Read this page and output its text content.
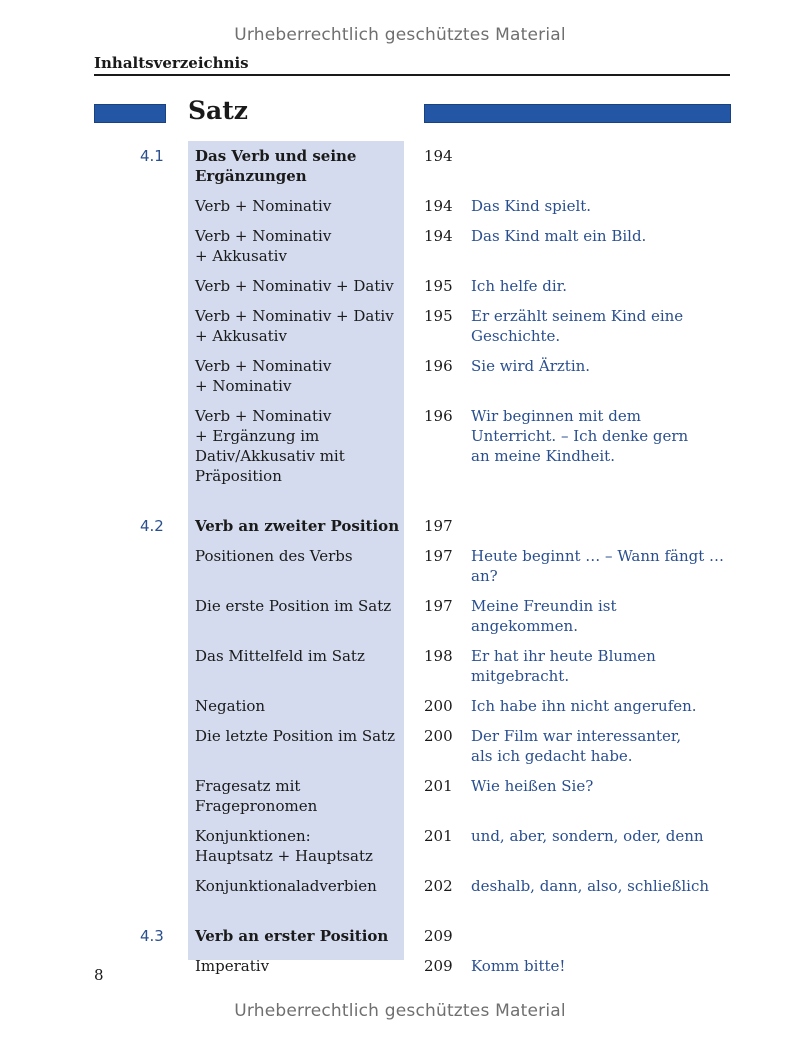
Urheberrechtlich geschütztes Material
Inhaltsverzeichnis
Satz
4.1	Das Verb und seine
Ergänzungen
194
Verb + Nominativ	194	Das Kind spielt.
Verb + Nominativ
+ Akkusativ
194	Das Kind malt ein Bild.
Verb + Nominativ + Dativ	195	Ich helfe dir.
Verb + Nominativ + Dativ
+ Akkusativ
195	Er erzählt seinem Kind eine
Geschichte.
Verb + Nominativ
+ Nominativ
196	Sie wird Ärztin.
Verb + Nominativ
+ Ergänzung im
Dativ/Akkusativ mit
Präposition
196	Wir beginnen mit dem
Unterricht. – Ich denke gern
an meine Kindheit.
4.2	Verb an zweiter Position 197
Positionen des Verbs	197	Heute beginnt … – Wann fängt …
an?
Die erste Position im Satz	197	Meine Freundin ist
angekommen.
Das Mittelfeld im Satz	198	Er hat ihr heute Blumen
mitgebracht.
Negation	200	Ich habe ihn nicht angerufen.
Die letzte Position im Satz	200	Der Film war interessanter,
als ich gedacht habe.
Fragesatz mit
Fragepronomen
201	Wie heißen Sie?
Konjunktionen:
Hauptsatz + Hauptsatz
201	und, aber, sondern, oder, denn
Konjunktionaladverbien	202	deshalb, dann, also, schließlich
4.3	Verb an erster Position	209
Imperativ	209	Komm bitte!
8
Urheberrechtlich geschütztes Material
